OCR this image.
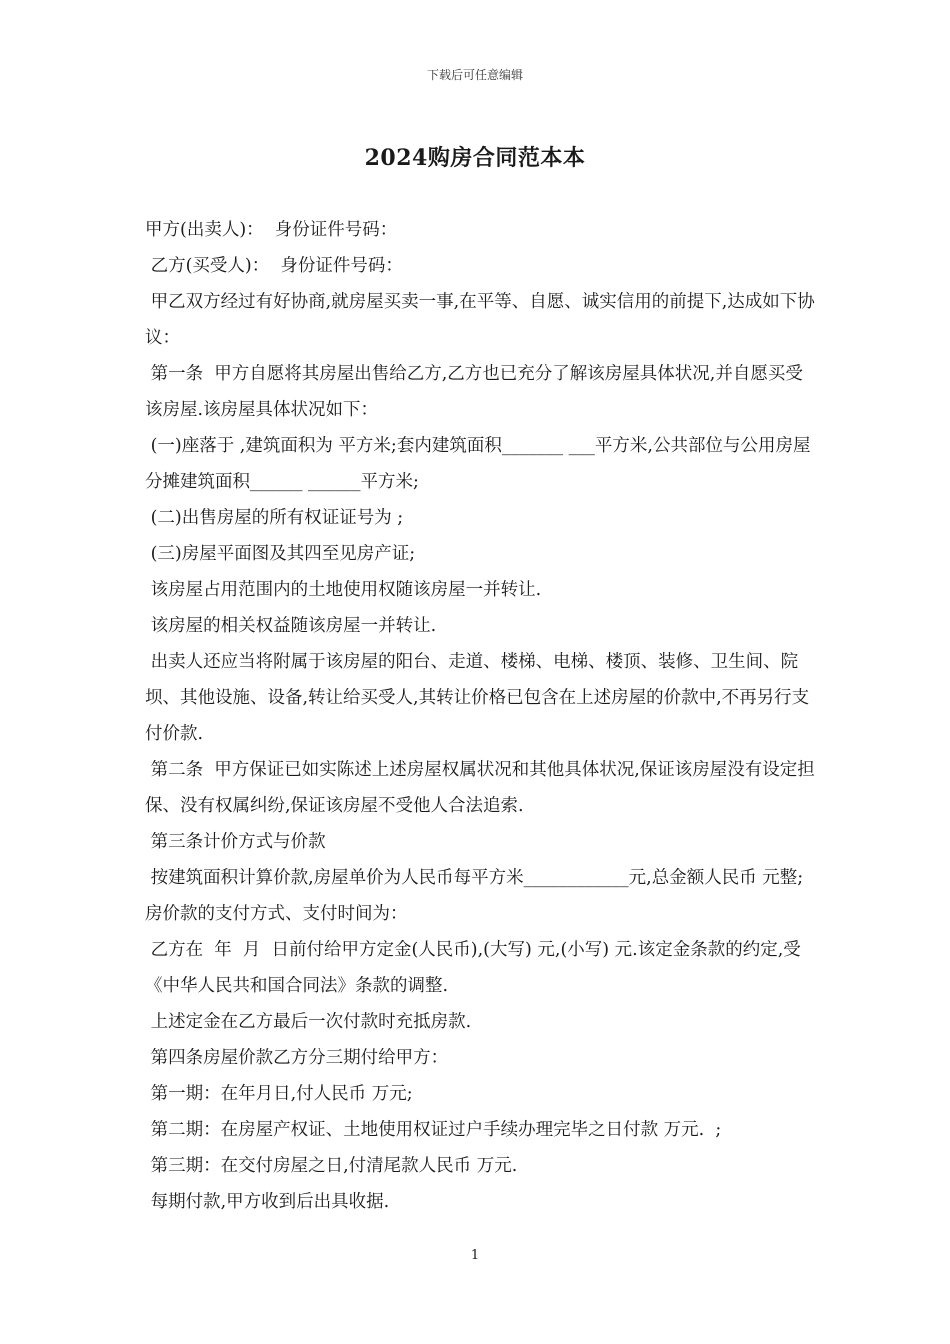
下载后可任意编辑
2024购房合同范本本

甲方(出卖人)：  身份证件号码：

乙方(买受人)：  身份证件号码：

甲乙双方经过有好协商,就房屋买卖一事,在平等、自愿、诚实信用的前提下,达成如下协议：

第一条  甲方自愿将其房屋出售给乙方,乙方也已充分了解该房屋具体状况,并自愿买受该房屋.该房屋具体状况如下：

(一)座落于 ,建筑面积为 平方米;套内建筑面积_______ ___平方米,公共部位与公用房屋分摊建筑面积______ ______平方米;

(二)出售房屋的所有权证证号为 ;

(三)房屋平面图及其四至见房产证;

该房屋占用范围内的土地使用权随该房屋一并转让.

该房屋的相关权益随该房屋一并转让.

出卖人还应当将附属于该房屋的阳台、走道、楼梯、电梯、楼顶、装修、卫生间、院坝、其他设施、设备,转让给买受人,其转让价格已包含在上述房屋的价款中,不再另行支付价款.

第二条  甲方保证已如实陈述上述房屋权属状况和其他具体状况,保证该房屋没有设定担保、没有权属纠纷,保证该房屋不受他人合法追索.

第三条计价方式与价款

按建筑面积计算价款,房屋单价为人民币每平方米____________元,总金额人民币 元整;房价款的支付方式、支付时间为：

乙方在  年  月  日前付给甲方定金(人民币),(大写) 元,(小写) 元.该定金条款的约定,受《中华人民共和国合同法》条款的调整.

上述定金在乙方最后一次付款时充抵房款.

第四条房屋价款乙方分三期付给甲方：

第一期：在年月日,付人民币 万元;

第二期：在房屋产权证、土地使用权证过户手续办理完毕之日付款 万元.  ;

第三期：在交付房屋之日,付清尾款人民币 万元.

每期付款,甲方收到后出具收据.

1
